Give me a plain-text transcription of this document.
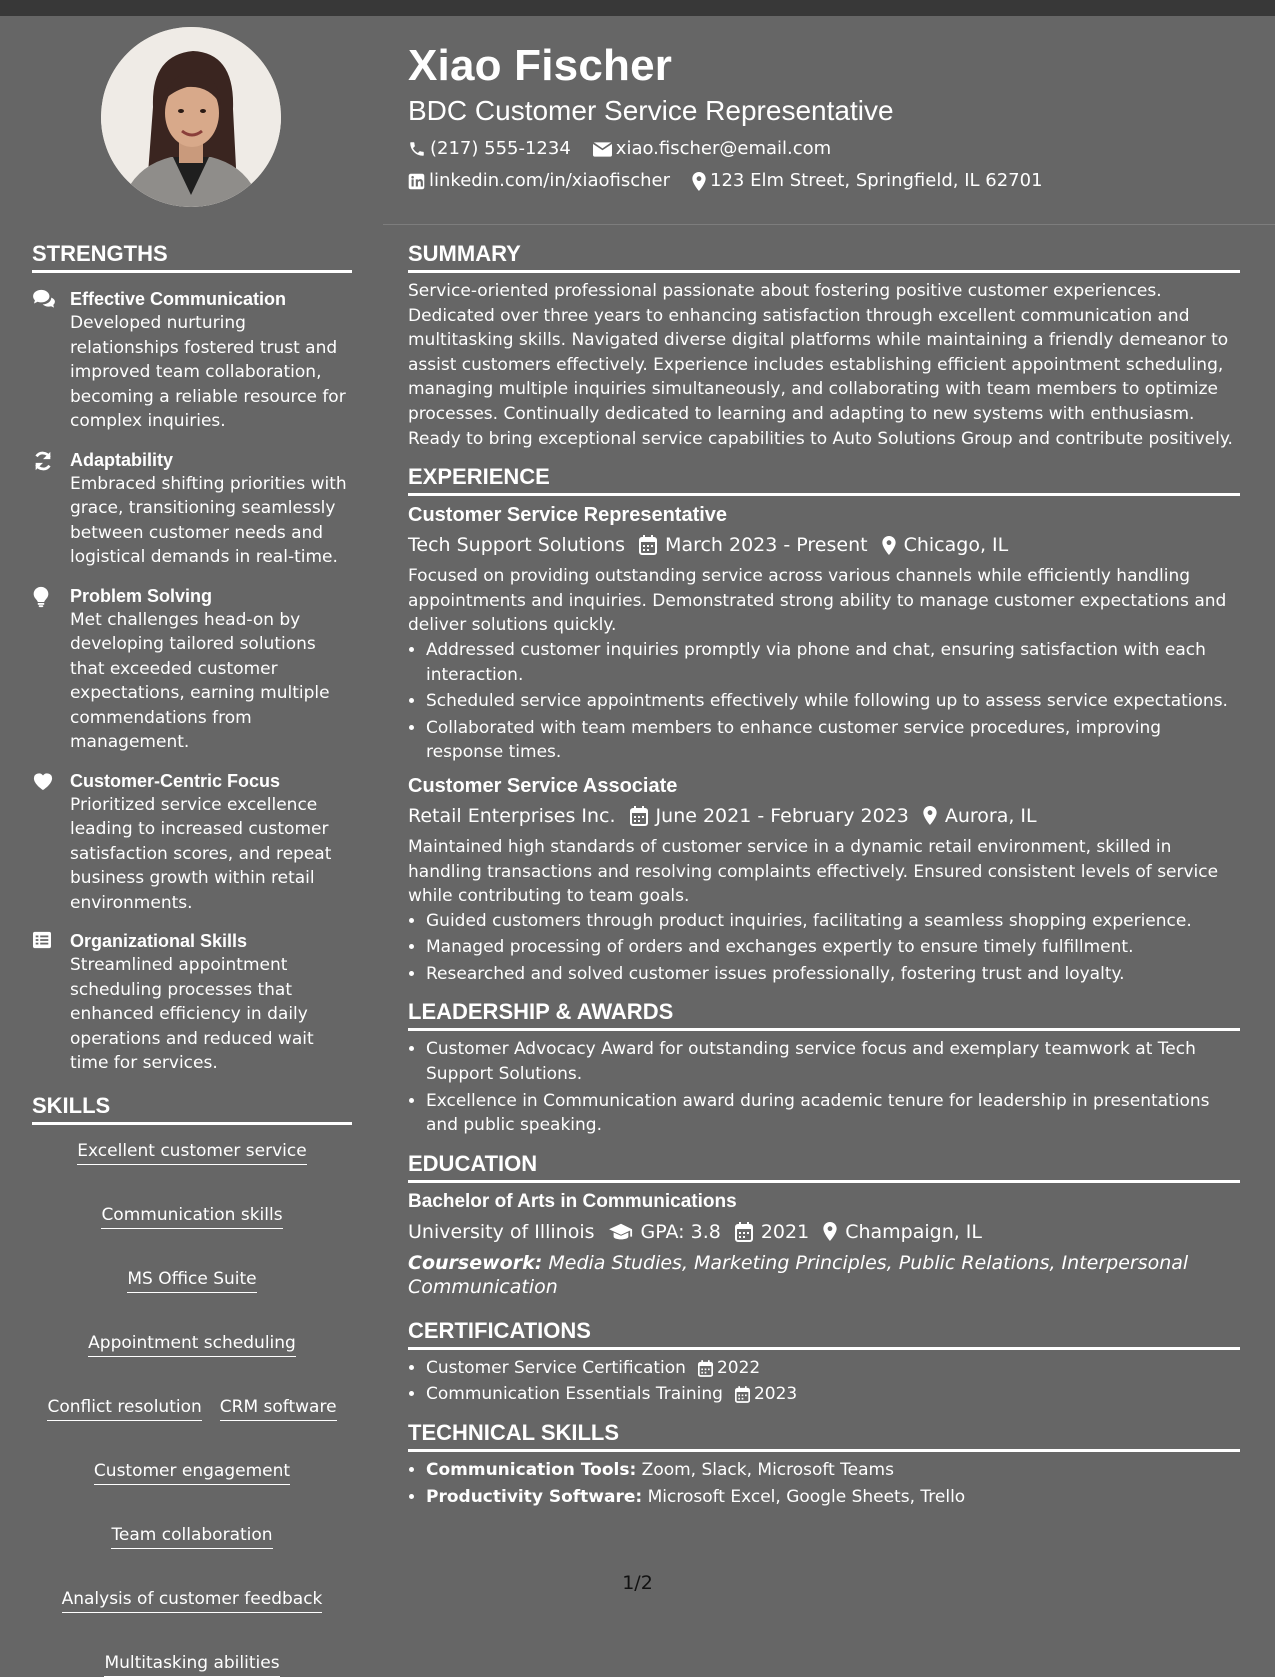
Xiao Fischer
BDC Customer Service Representative
(217) 555-1234	xiao.fischer@email.com
linkedin.com/in/xiaofischer 123 Elm Street, Springfield, IL 62701
STRENGTHS
Effective Communication
Developed nurturing relationships fostered trust and improved team collaboration, becoming a reliable resource for complex inquiries.
Adaptability
Embraced shifting priorities with grace, transitioning seamlessly between customer needs and logistical demands in real-time.
Problem Solving
Met challenges head-on by developing tailored solutions that exceeded customer expectations, earning multiple commendations from management.
Customer-Centric Focus
Prioritized service excellence leading to increased customer satisfaction scores, and repeat business growth within retail environments.
Organizational Skills
Streamlined appointment scheduling processes that enhanced efficiency in daily operations and reduced wait time for services.
SKILLS
Excellent customer service
Communication skills
MS Office Suite
Appointment scheduling
Conflict resolution CRM software
Customer engagement
Team collaboration
Analysis of customer feedback
Multitasking abilities
SUMMARY
Service-oriented professional passionate about fostering positive customer experiences. Dedicated over three years to enhancing satisfaction through excellent communication and multitasking skills. Navigated diverse digital platforms while maintaining a friendly demeanor to assist customers effectively. Experience includes establishing efficient appointment scheduling, managing multiple inquiries simultaneously, and collaborating with team members to optimize processes. Continually dedicated to learning and adapting to new systems with enthusiasm. Ready to bring exceptional service capabilities to Auto Solutions Group and contribute positively.
EXPERIENCE
Customer Service Representative
Tech Support Solutions March 2023 - Present Chicago, IL
Focused on providing outstanding service across various channels while efficiently handling appointments and inquiries. Demonstrated strong ability to manage customer expectations and deliver solutions quickly.
• Addressed customer inquiries promptly via phone and chat, ensuring satisfaction with each interaction.
• Scheduled service appointments effectively while following up to assess service expectations.
• Collaborated with team members to enhance customer service procedures, improving response times.
Customer Service Associate
Retail Enterprises Inc. June 2021 - February 2023 Aurora, IL
Maintained high standards of customer service in a dynamic retail environment, skilled in handling transactions and resolving complaints effectively. Ensured consistent levels of service while contributing to team goals.
• Guided customers through product inquiries, facilitating a seamless shopping experience.
• Managed processing of orders and exchanges expertly to ensure timely fulfillment.
• Researched and solved customer issues professionally, fostering trust and loyalty.
LEADERSHIP & AWARDS
• Customer Advocacy Award for outstanding service focus and exemplary teamwork at Tech Support Solutions.
• Excellence in Communication award during academic tenure for leadership in presentations and public speaking.
EDUCATION
Bachelor of Arts in Communications
University of Illinois GPA: 3.8 2021 Champaign, IL
Coursework: Media Studies, Marketing Principles, Public Relations, Interpersonal Communication
CERTIFICATIONS
• Customer Service Certification 2022
• Communication Essentials Training 2023
TECHNICAL SKILLS
• Communication Tools: Zoom, Slack, Microsoft Teams
• Productivity Software: Microsoft Excel, Google Sheets, Trello
1/2
